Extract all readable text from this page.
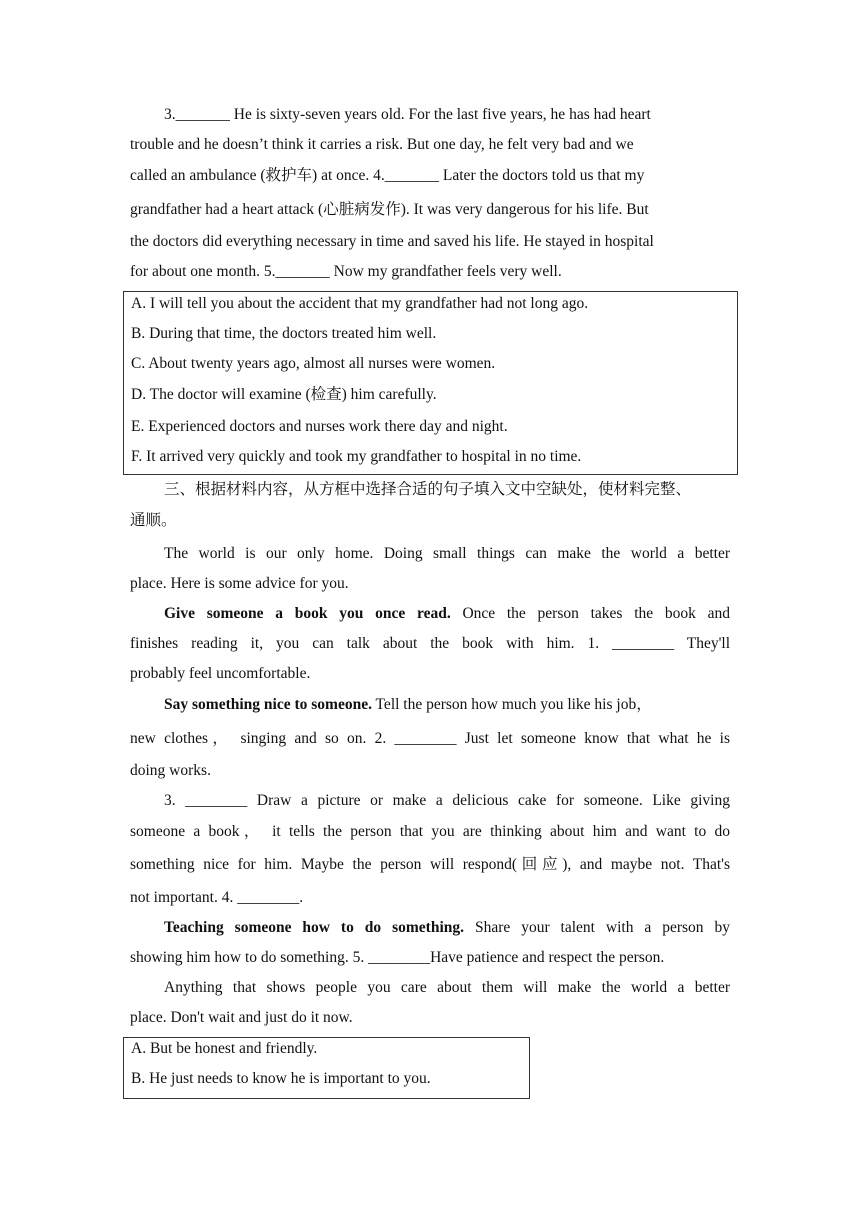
3._______ He is sixty-seven years old. For the last five years, he has had heart
trouble and he doesn’t think it carries a risk. But one day, he felt very bad and we
called an ambulance (救护车) at once. 4._______ Later the doctors told us that my
grandfather had a heart attack (心脏病发作). It was very dangerous for his life. But
the doctors did everything necessary in time and saved his life. He stayed in hospital
for about one month. 5._______ Now my grandfather feels very well.
A. I will tell you about the accident that my grandfather had not long ago.
B. During that time, the doctors treated him well.
C. About twenty years ago, almost all nurses were women.
D. The doctor will examine (检查) him carefully.
E. Experienced doctors and nurses work there day and night.
F. It arrived very quickly and took my grandfather to hospital in no time.
三、根据材料内容，从方框中选择合适的句子填入文中空缺处，使材料完整、
通顺。
The world is our only home. Doing small things can make the world a better
place. Here is some advice for you.
Give someone a book you once read. Once the person takes the book and
finishes reading it, you can talk about the book with him. 1. ________ They'll
probably feel uncomfortable.
Say something nice to someone. Tell the person how much you like his job，
new clothes， singing and so on. 2. ________ Just let someone know that what he is
doing works.
3. ________ Draw a picture or make a delicious cake for someone. Like giving
someone a book， it tells the person that you are thinking about him and want to do
something nice for him. Maybe the person will respond(回应), and maybe not. That's
not important. 4. ________.
Teaching someone how to do something. Share your talent with a person by
showing him how to do something. 5. ________Have patience and respect the person.
Anything that shows people you care about them will make the world a better
place. Don't wait and just do it now.
A. But be honest and friendly.
B. He just needs to know he is important to you.
